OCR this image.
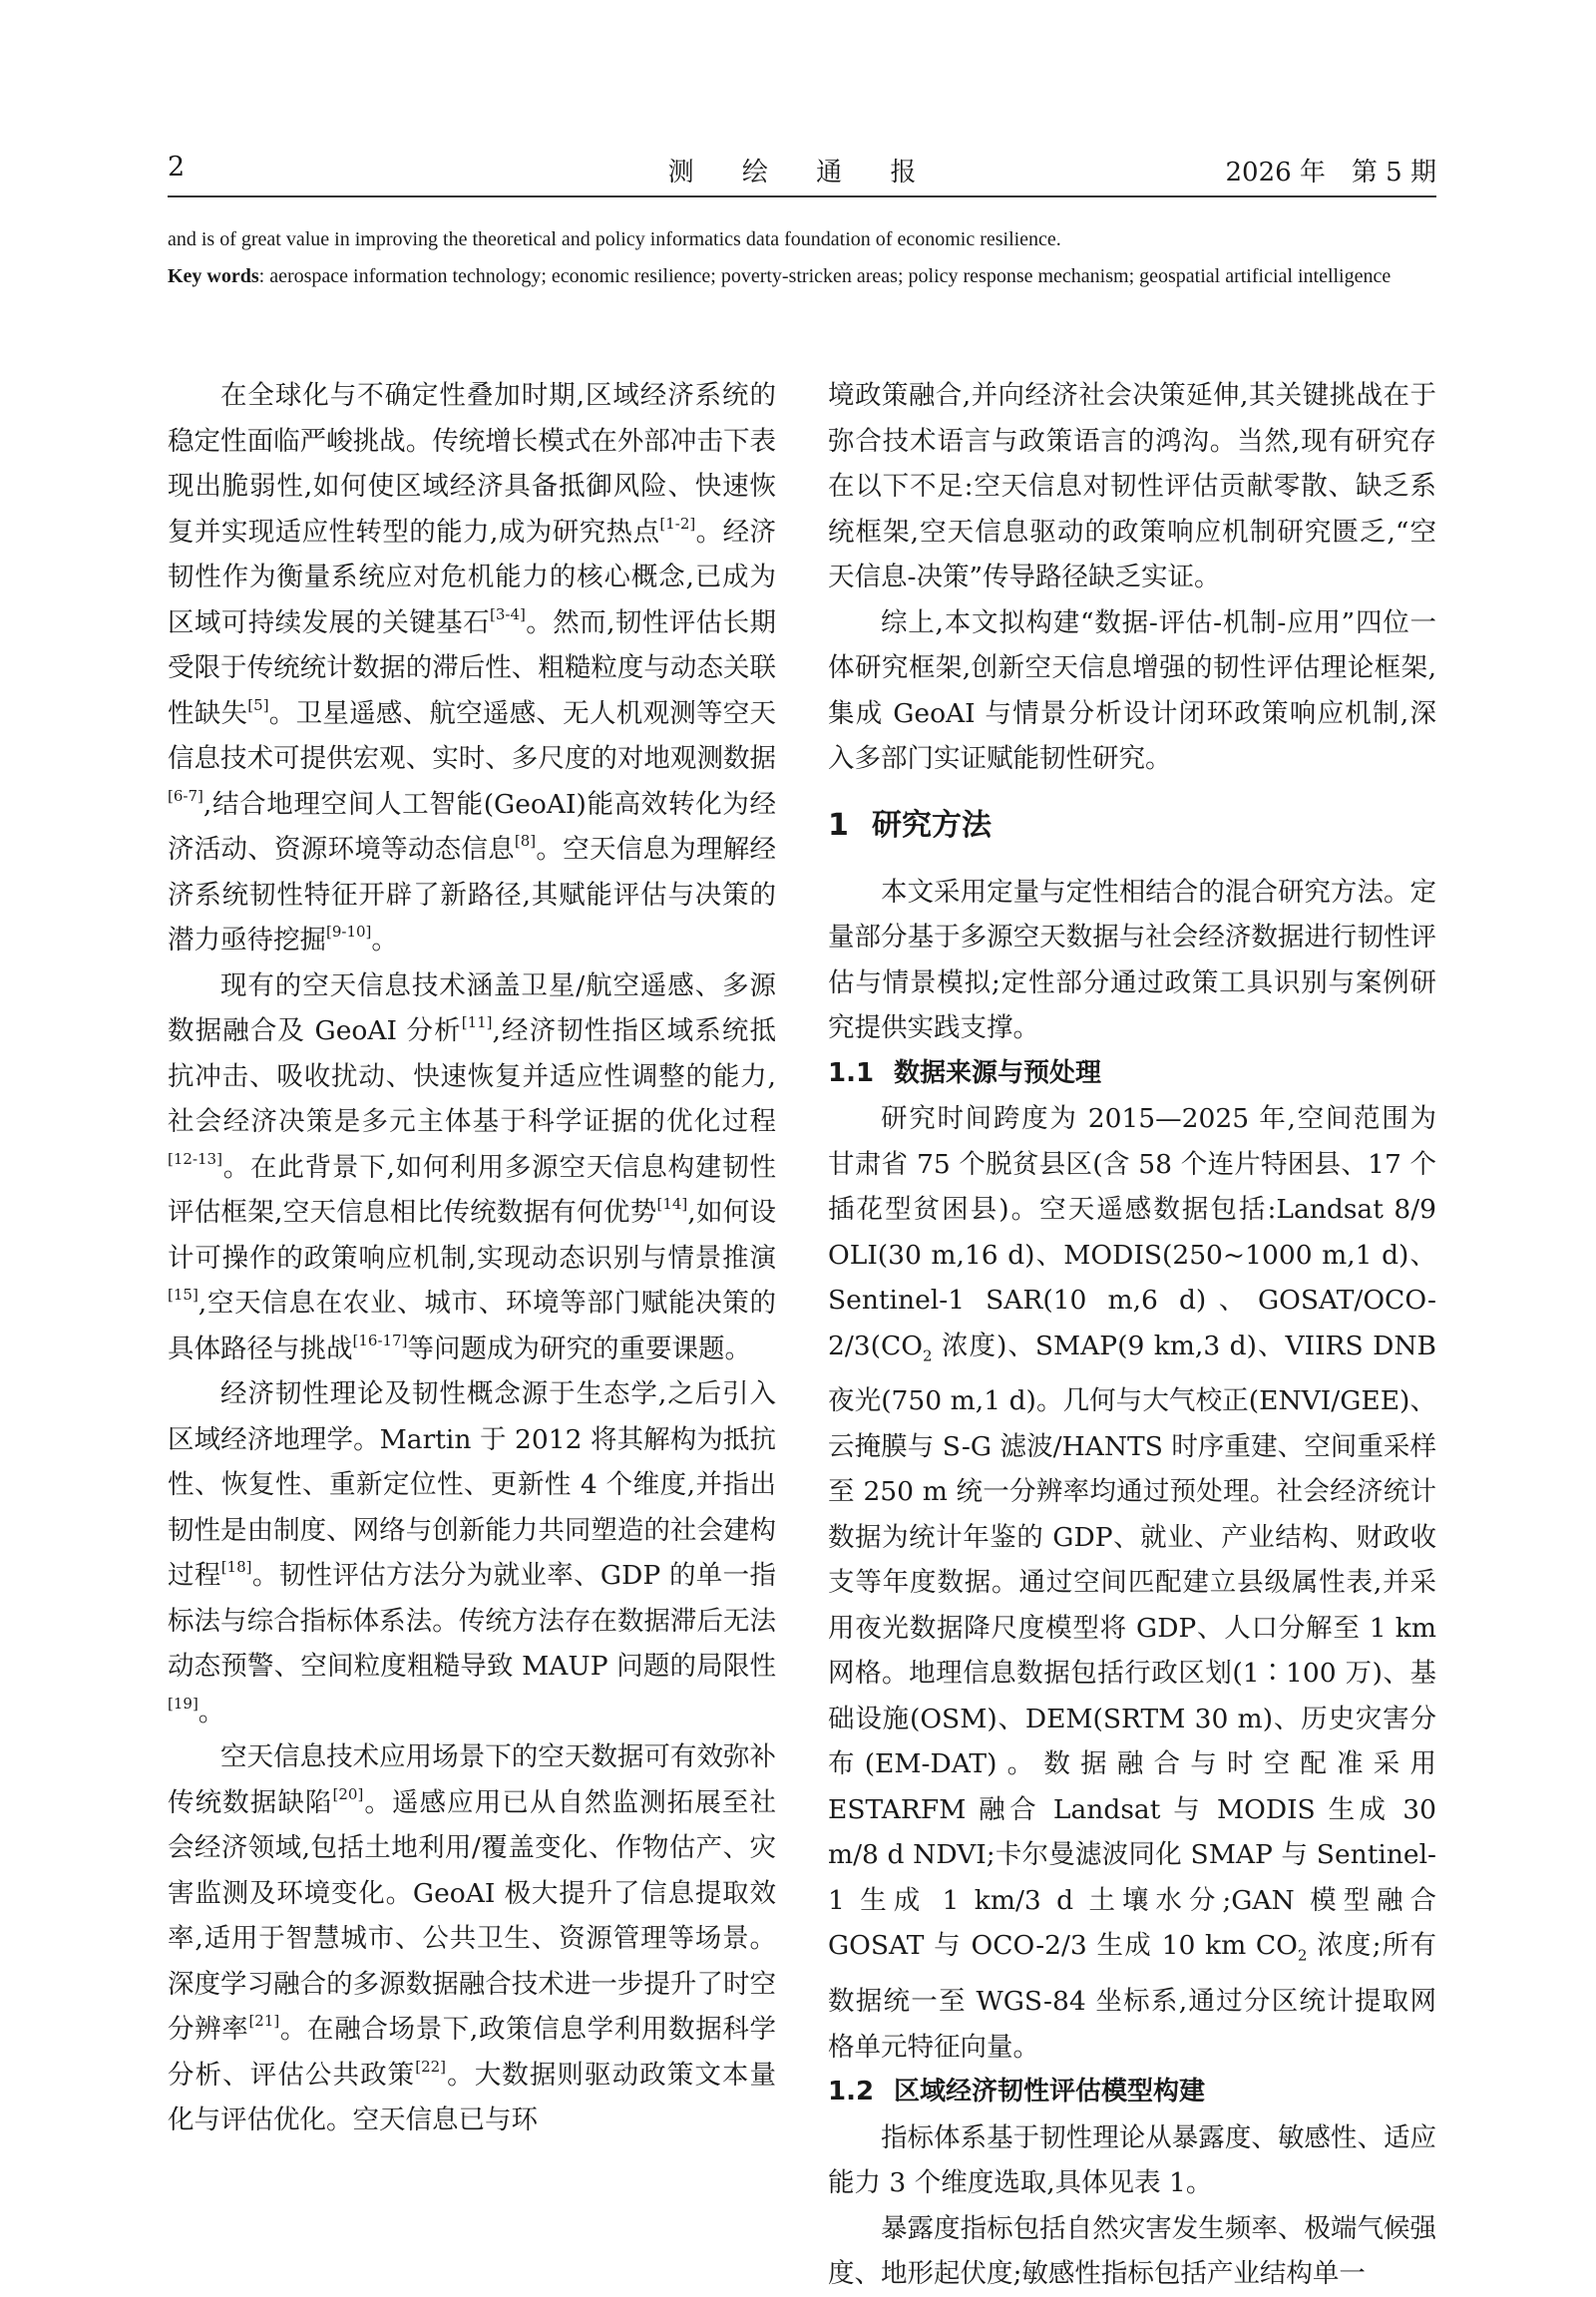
2	测 绘 通 报	2026 年　第 5 期
and is of great value in improving the theoretical and policy informatics data foundation of economic resilience.
Key words: aerospace information technology; economic resilience; poverty-stricken areas; policy response mechanism; geospatial artificial intelligence

在全球化与不确定性叠加时期,区域经济系统的稳定性面临严峻挑战。传统增长模式在外部冲击下表现出脆弱性,如何使区域经济具备抵御风险、快速恢复并实现适应性转型的能力,成为研究热点[1-2]。经济韧性作为衡量系统应对危机能力的核心概念,已成为区域可持续发展的关键基石[3-4]。然而,韧性评估长期受限于传统统计数据的滞后性、粗糙粒度与动态关联性缺失[5]。卫星遥感、航空遥感、无人机观测等空天信息技术可提供宏观、实时、多尺度的对地观测数据[6-7],结合地理空间人工智能(GeoAI)能高效转化为经济活动、资源环境等动态信息[8]。空天信息为理解经济系统韧性特征开辟了新路径,其赋能评估与决策的潜力亟待挖掘[9-10]。

现有的空天信息技术涵盖卫星/航空遥感、多源数据融合及 GeoAI 分析[11],经济韧性指区域系统抵抗冲击、吸收扰动、快速恢复并适应性调整的能力,社会经济决策是多元主体基于科学证据的优化过程[12-13]。在此背景下,如何利用多源空天信息构建韧性评估框架,空天信息相比传统数据有何优势[14],如何设计可操作的政策响应机制,实现动态识别与情景推演[15],空天信息在农业、城市、环境等部门赋能决策的具体路径与挑战[16-17]等问题成为研究的重要课题。

经济韧性理论及韧性概念源于生态学,之后引入区域经济地理学。Martin 于 2012 将其解构为抵抗性、恢复性、重新定位性、更新性 4 个维度,并指出韧性是由制度、网络与创新能力共同塑造的社会建构过程[18]。韧性评估方法分为就业率、GDP 的单一指标法与综合指标体系法。传统方法存在数据滞后无法动态预警、空间粒度粗糙导致 MAUP 问题的局限性[19]。

空天信息技术应用场景下的空天数据可有效弥补传统数据缺陷[20]。遥感应用已从自然监测拓展至社会经济领域,包括土地利用/覆盖变化、作物估产、灾害监测及环境变化。GeoAI 极大提升了信息提取效率,适用于智慧城市、公共卫生、资源管理等场景。深度学习融合的多源数据融合技术进一步提升了时空分辨率[21]。在融合场景下,政策信息学利用数据科学分析、评估公共政策[22]。大数据则驱动政策文本量化与评估优化。空天信息已与环

境政策融合,并向经济社会决策延伸,其关键挑战在于弥合技术语言与政策语言的鸿沟。当然,现有研究存在以下不足:空天信息对韧性评估贡献零散、缺乏系统框架,空天信息驱动的政策响应机制研究匮乏,“空天信息-决策”传导路径缺乏实证。

综上,本文拟构建“数据-评估-机制-应用”四位一体研究框架,创新空天信息增强的韧性评估理论框架,集成 GeoAI 与情景分析设计闭环政策响应机制,深入多部门实证赋能韧性研究。

1 研究方法

本文采用定量与定性相结合的混合研究方法。定量部分基于多源空天数据与社会经济数据进行韧性评估与情景模拟;定性部分通过政策工具识别与案例研究提供实践支撑。

1.1 数据来源与预处理

研究时间跨度为 2015—2025 年,空间范围为甘肃省 75 个脱贫县区(含 58 个连片特困县、17 个插花型贫困县)。空天遥感数据包括:Landsat 8/9 OLI(30 m,16 d)、MODIS(250~1000 m,1 d)、Sentinel-1 SAR(10 m,6 d)、GOSAT/$OCO-2/3(CO_2$ 浓度)、SMAP(9 km,3 d)、VIIRS DNB 夜光(750 m,1 d)。几何与大气校正(ENVI/GEE)、云掩膜与 S-G 滤波/HANTS 时序重建、空间重采样至 250 m 统一分辨率均通过预处理。社会经济统计数据为统计年鉴的 GDP、就业、产业结构、财政收支等年度数据。通过空间匹配建立县级属性表,并采用夜光数据降尺度模型将 GDP、人口分解至 1 km 网格。地理信息数据包括行政区划(1∶100 万)、基础设施(OSM)、DEM(SRTM 30 m)、历史灾害分布(EM-DAT)。数据融合与时空配准采用 ESTARFM 融合 Landsat 与 MODIS 生成 30 m/8 d NDVI;卡尔曼滤波同化 SMAP 与 Sentinel-1 生成 1 km/3 d 土壤水分;GAN 模型融合 GOSAT 与 OCO-2/3 生成 10 km $CO_2$ 浓度;所有数据统一至 WGS-84 坐标系,通过分区统计提取网格单元特征向量。

1.2 区域经济韧性评估模型构建

指标体系基于韧性理论从暴露度、敏感性、适应能力 3 个维度选取,具体见表 1。

暴露度指标包括自然灾害发生频率、极端气候强度、地形起伏度;敏感性指标包括产业结构单一
